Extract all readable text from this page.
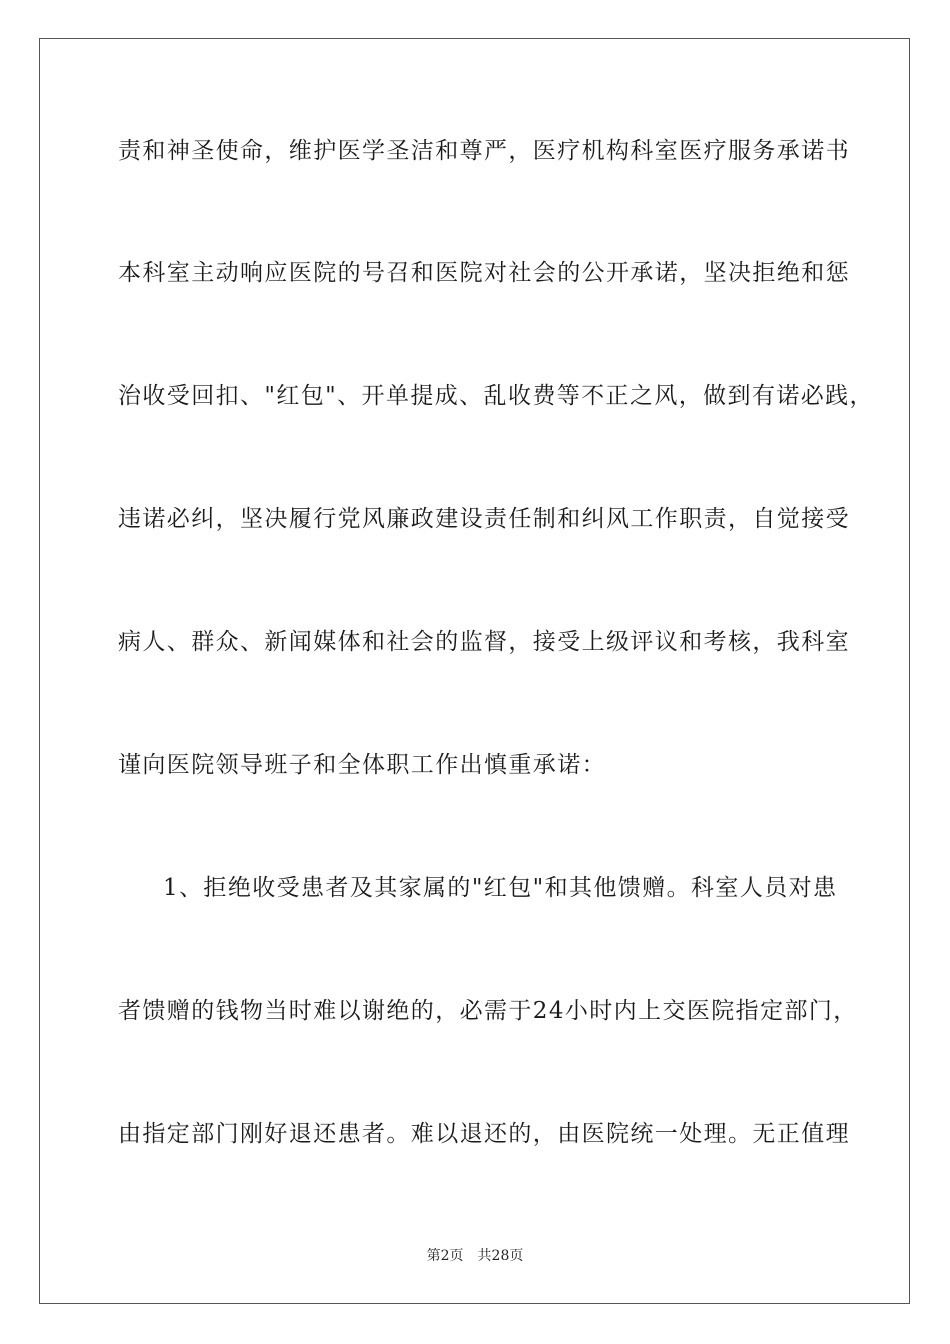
责和神圣使命，维护医学圣洁和尊严，医疗机构科室医疗服务承诺书
本科室主动响应医院的号召和医院对社会的公开承诺，坚决拒绝和惩
治收受回扣、"红包"、开单提成、乱收费等不正之风，做到有诺必践，
违诺必纠，坚决履行党风廉政建设责任制和纠风工作职责，自觉接受
病人、群众、新闻媒体和社会的监督，接受上级评议和考核，我科室
谨向医院领导班子和全体职工作出慎重承诺：
1、拒绝收受患者及其家属的"红包"和其他馈赠。科室人员对患
者馈赠的钱物当时难以谢绝的，必需于24小时内上交医院指定部门，
由指定部门刚好退还患者。难以退还的，由医院统一处理。无正值理
第2页 共28页
